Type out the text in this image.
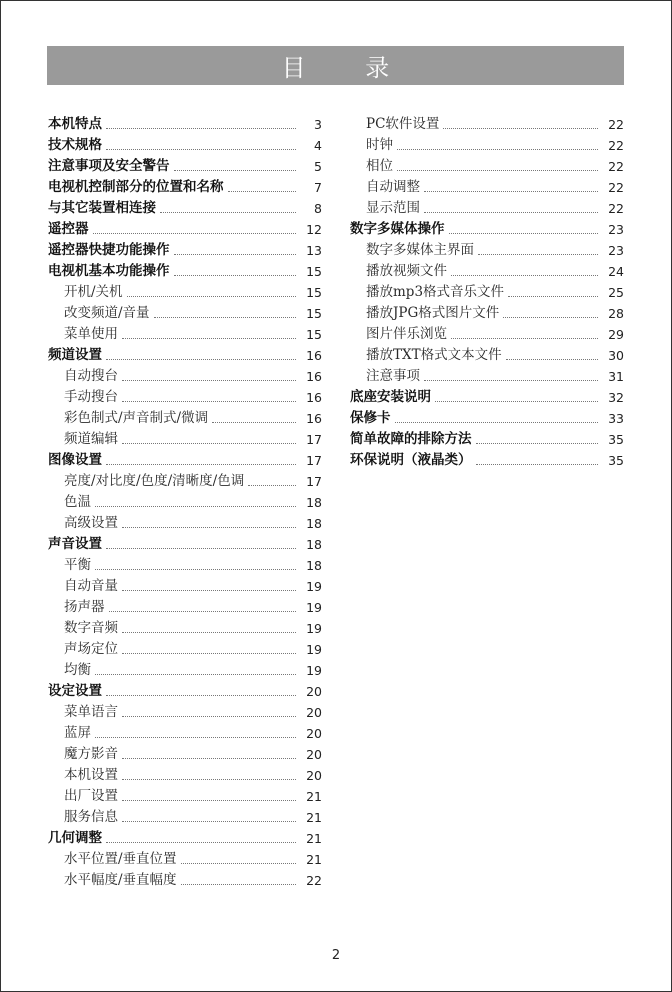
目 录
本机特点	3
技术规格	4
注意事项及安全警告	5
电视机控制部分的位置和名称	7
与其它装置相连接	8
遥控器	12
遥控器快捷功能操作	13
电视机基本功能操作	15
开机/关机	15
改变频道/音量	15
菜单使用	15
频道设置	16
自动搜台	16
手动搜台	16
彩色制式/声音制式/微调	16
频道编辑	17
图像设置	17
亮度/对比度/色度/清晰度/色调	17
色温	18
高级设置	18
声音设置	18
平衡	18
自动音量	19
扬声器	19
数字音频	19
声场定位	19
均衡	19
设定设置	20
菜单语言	20
蓝屏	20
魔方影音	20
本机设置	20
出厂设置	21
服务信息	21
几何调整	21
水平位置/垂直位置	21
水平幅度/垂直幅度	22
PC软件设置	22
时钟	22
相位	22
自动调整	22
显示范围	22
数字多媒体操作	23
数字多媒体主界面	23
播放视频文件	24
播放mp3格式音乐文件	25
播放JPG格式图片文件	28
图片伴乐浏览	29
播放TXT格式文本文件	30
注意事项	31
底座安装说明	32
保修卡	33
简单故障的排除方法	35
环保说明（液晶类）	35
2
